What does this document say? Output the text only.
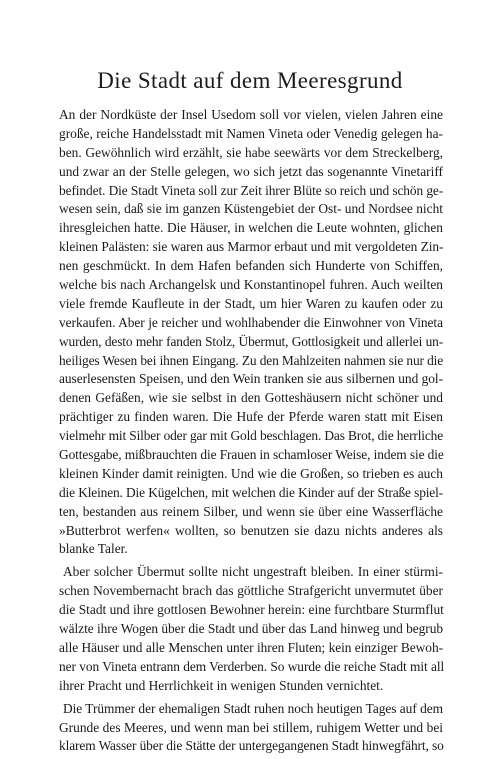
Die Stadt auf dem Meeresgrund
An der Nordküste der Insel Usedom soll vor vielen, vielen Jahren eine
große, reiche Handelsstadt mit Namen Vineta oder Venedig gelegen ha-
ben. Gewöhnlich wird erzählt, sie habe seewärts vor dem Streckelberg,
und zwar an der Stelle gelegen, wo sich jetzt das sogenannte Vinetariff
befindet. Die Stadt Vineta soll zur Zeit ihrer Blüte so reich und schön ge-
wesen sein, daß sie im ganzen Küstengebiet der Ost- und Nordsee nicht
ihresgleichen hatte. Die Häuser, in welchen die Leute wohnten, glichen
kleinen Palästen: sie waren aus Marmor erbaut und mit vergoldeten Zin-
nen geschmückt. In dem Hafen befanden sich Hunderte von Schiffen,
welche bis nach Archangelsk und Konstantinopel fuhren. Auch weilten
viele fremde Kaufleute in der Stadt, um hier Waren zu kaufen oder zu
verkaufen. Aber je reicher und wohlhabender die Einwohner von Vineta
wurden, desto mehr fanden Stolz, Übermut, Gottlosigkeit und allerlei un-
heiliges Wesen bei ihnen Eingang. Zu den Mahlzeiten nahmen sie nur die
auserlesensten Speisen, und den Wein tranken sie aus silbernen und gol-
denen Gefäßen, wie sie selbst in den Gotteshäusern nicht schöner und
prächtiger zu finden waren. Die Hufe der Pferde waren statt mit Eisen
vielmehr mit Silber oder gar mit Gold beschlagen. Das Brot, die herrliche
Gottesgabe, mißbrauchten die Frauen in schamloser Weise, indem sie die
kleinen Kinder damit reinigten. Und wie die Großen, so trieben es auch
die Kleinen. Die Kügelchen, mit welchen die Kinder auf der Straße spiel-
ten, bestanden aus reinem Silber, und wenn sie über eine Wasserfläche
»Butterbrot werfen« wollten, so benutzen sie dazu nichts anderes als
blanke Taler.
Aber solcher Übermut sollte nicht ungestraft bleiben. In einer stürmi-
schen Novembernacht brach das göttliche Strafgericht unvermutet über
die Stadt und ihre gottlosen Bewohner herein: eine furchtbare Sturmflut
wälzte ihre Wogen über die Stadt und über das Land hinweg und begrub
alle Häuser und alle Menschen unter ihren Fluten; kein einziger Bewoh-
ner von Vineta entrann dem Verderben. So wurde die reiche Stadt mit all
ihrer Pracht und Herrlichkeit in wenigen Stunden vernichtet.
Die Trümmer der ehemaligen Stadt ruhen noch heutigen Tages auf dem
Grunde des Meeres, und wenn man bei stillem, ruhigem Wetter und bei
klarem Wasser über die Stätte der untergegangenen Stadt hinwegfährt, so
